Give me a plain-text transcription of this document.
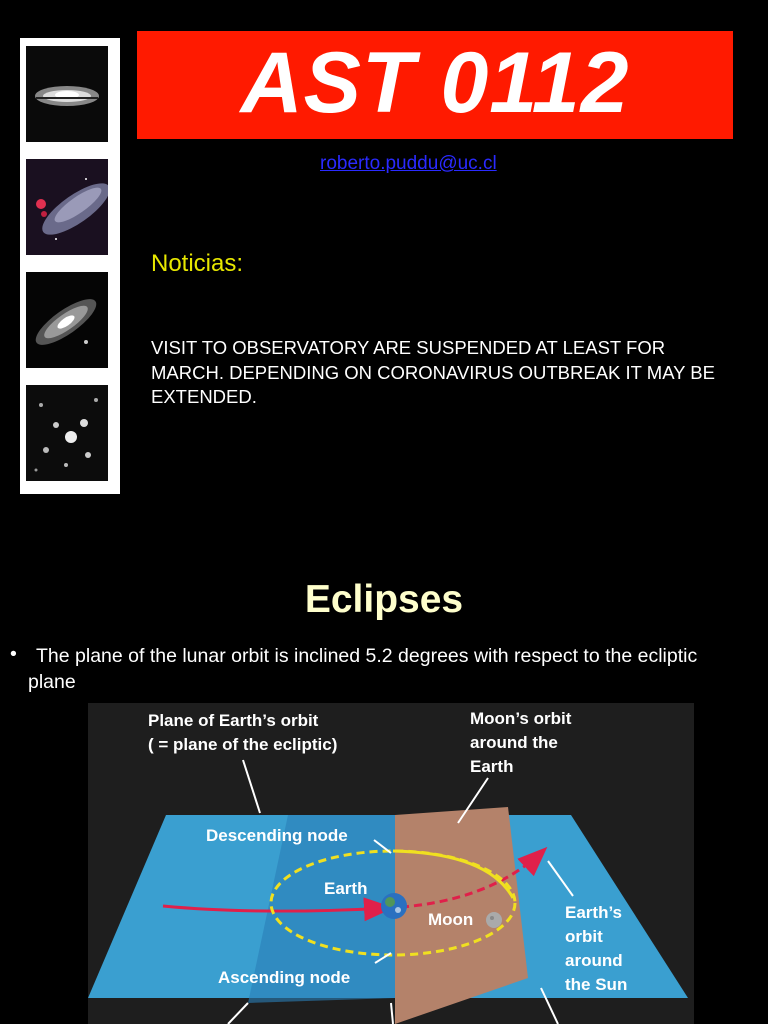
AST 0112
roberto.puddu@uc.cl
Noticias:
VISIT TO OBSERVATORY ARE SUSPENDED AT LEAST FOR MARCH. DEPENDING ON CORONAVIRUS OUTBREAK IT MAY BE EXTENDED.
Eclipses
• The plane of the lunar orbit is inclined 5.2 degrees with respect to the ecliptic plane
Plane of Earth’s orbit
( = plane of the ecliptic)
Moon’s orbit
around the
Earth
Descending node
Earth
Moon
Ascending node
Earth’s
orbit
around
the Sun
